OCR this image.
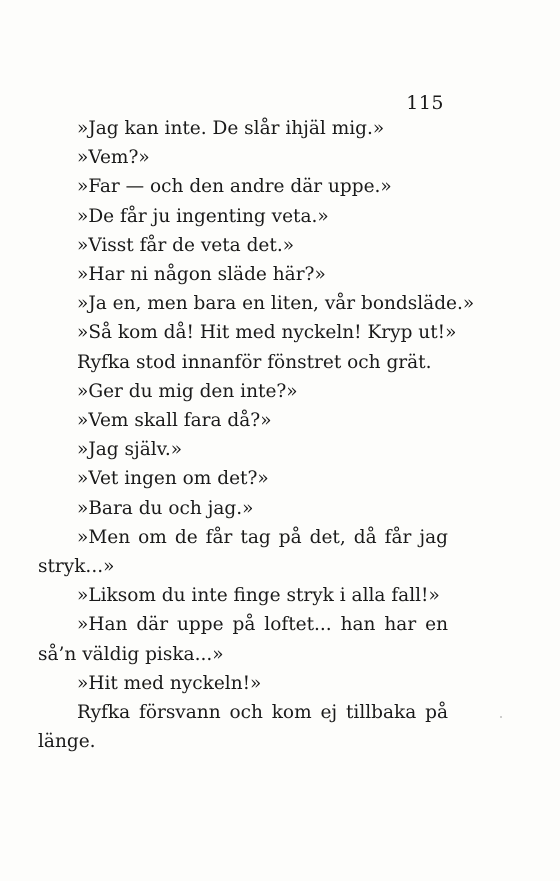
115
»Jag kan inte. De slår ihjäl mig.»
»Vem?»
»Far — och den andre där uppe.»
»De får ju ingenting veta.»
»Visst får de veta det.»
»Har ni någon släde här?»
»Ja en, men bara en liten, vår bondsläde.»
»Så kom då! Hit med nyckeln! Kryp ut!»
Ryfka stod innanför fönstret och grät.
»Ger du mig den inte?»
»Vem skall fara då?»
»Jag själv.»
»Vet ingen om det?»
»Bara du och jag.»
»Men om de får tag på det, då får jag
stryk...»
»Liksom du inte finge stryk i alla fall!»
»Han där uppe på loftet... han har en
så’n väldig piska...»
»Hit med nyckeln!»
Ryfka försvann och kom ej tillbaka på
länge.
